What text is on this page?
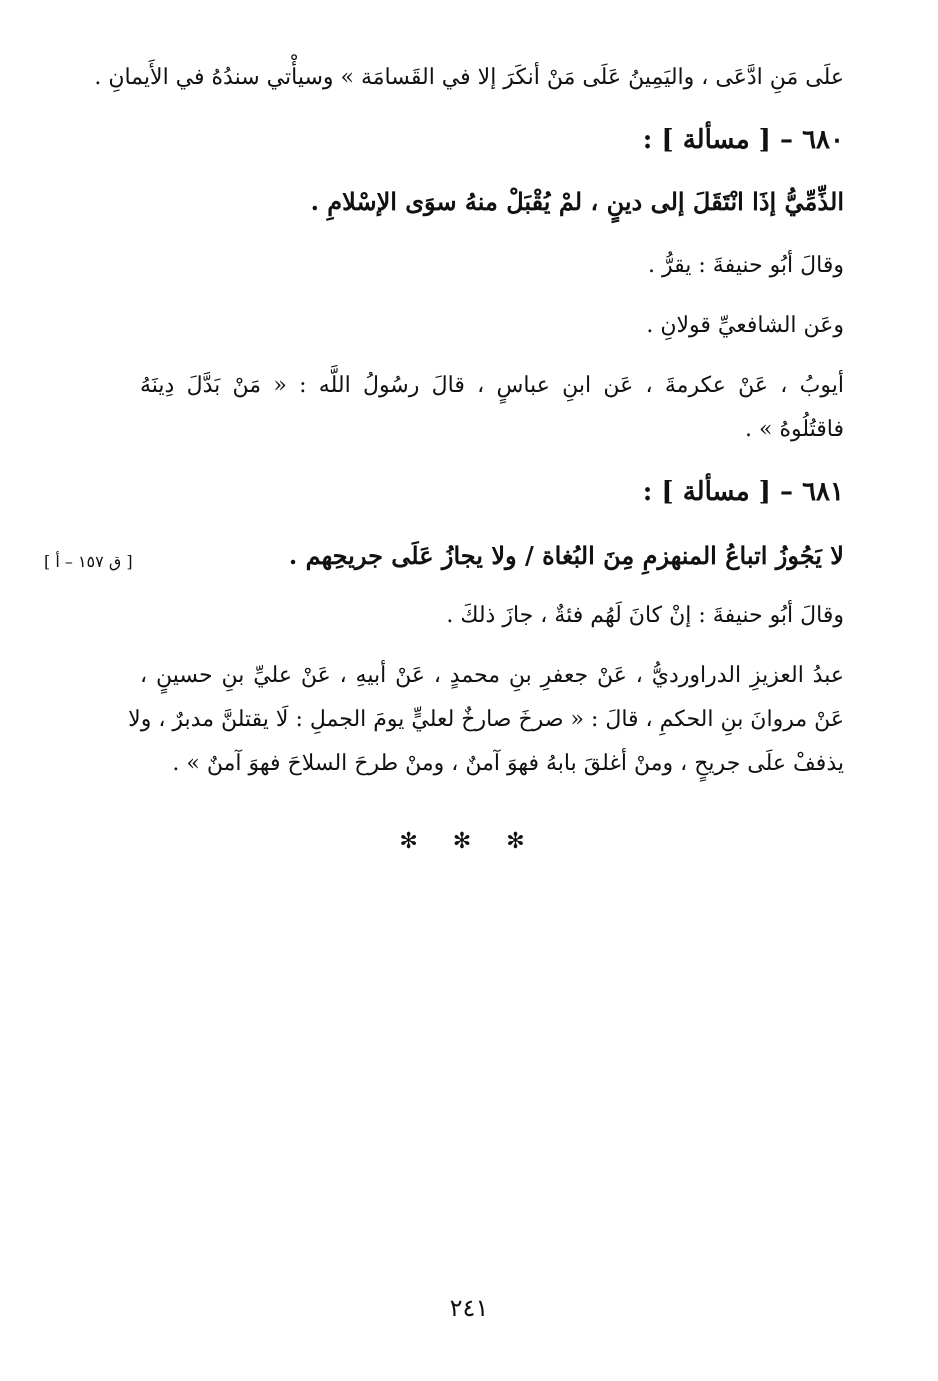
علَى مَنِ ادَّعَى ، واليَمِينُ عَلَى مَنْ أنكَرَ إلا في القَسامَة » وسيأْتي سندُهُ في الأَيمانِ .
٦٨٠ – [ مسألة ] :
الذِّمِّيُّ إذَا انْتَقَلَ إلى دينٍ ، لمْ يُقْبَلْ منهُ سوَى الإسْلامِ .
وقالَ أبُو حنيفةَ : يقرُّ .
وعَن الشافعيِّ قولانِ .
أيوبُ ، عَنْ عكرمةَ ، عَن ابنِ عباسٍ ، قالَ رسُولُ اللَّه : « مَنْ بَدَّلَ دِينَهُ
فاقتُلُوهُ » .
٦٨١ – [ مسألة ] :
لا يَجُوزُ اتباعُ المنهزمِ مِنَ البُغاة / ولا يجازُ عَلَى جريحِهم .
[ ق ١٥٧ – أ ]
وقالَ أبُو حنيفةَ : إنْ كانَ لَهُم فئةٌ ، جازَ ذلكَ .
عبدُ العزيزِ الدراورديُّ ، عَنْ جعفرِ بنِ محمدٍ ، عَنْ أبيهِ ، عَنْ عليِّ بنِ حسينٍ ،
عَنْ مروانَ بنِ الحكمِ ، قالَ : « صرخَ صارخٌ لعليٍّ يومَ الجملِ : لَا يقتلنَّ مدبرٌ ، ولا
يذففْ علَى جريحٍ ، ومنْ أغلقَ بابهُ فهوَ آمنٌ ، ومنْ طرحَ السلاحَ فهوَ آمنٌ » .
✻ ✻ ✻
٢٤١
